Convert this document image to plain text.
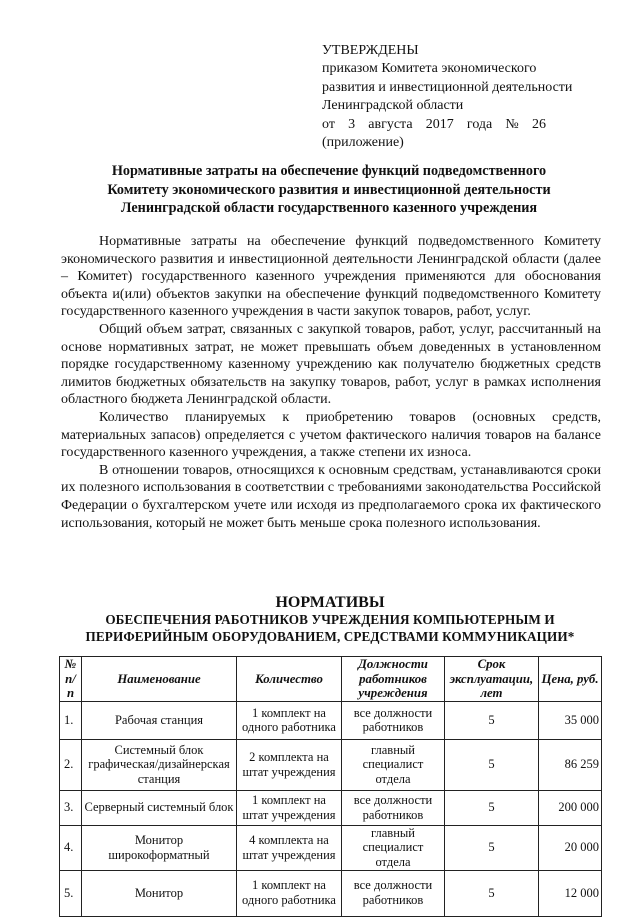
УТВЕРЖДЕНЫ
приказом Комитета экономического
развития и инвестиционной деятельности
Ленинградской области
от 3 августа 2017 года № 26
(приложение)
Нормативные затраты на обеспечение функций подведомственного
Комитету экономического развития и инвестиционной деятельности
Ленинградской области государственного казенного учреждения

Нормативные затраты на обеспечение функций подведомственного Комитету экономического развития и инвестиционной деятельности Ленинградской области (далее – Комитет) государственного казенного учреждения применяются для обоснования объекта и(или) объектов закупки на обеспечение функций подведомственного Комитету государственного казенного учреждения в части закупок товаров, работ, услуг.

Общий объем затрат, связанных с закупкой товаров, работ, услуг, рассчитанный на основе нормативных затрат, не может превышать объем доведенных в установленном порядке государственному казенному учреждению как получателю бюджетных средств лимитов бюджетных обязательств на закупку товаров, работ, услуг в рамках исполнения областного бюджета Ленинградской области.

Количество планируемых к приобретению товаров (основных средств, материальных запасов) определяется с учетом фактического наличия товаров на балансе государственного казенного учреждения, а также степени их износа.

В отношении товаров, относящихся к основным средствам, устанавливаются сроки их полезного использования в соответствии с требованиями законодательства Российской Федерации о бухгалтерском учете или исходя из предполагаемого срока их фактического использования, который не может быть меньше срока полезного использования.

НОРМАТИВЫ
ОБЕСПЕЧЕНИЯ РАБОТНИКОВ УЧРЕЖДЕНИЯ КОМПЬЮТЕРНЫМ И
ПЕРИФЕРИЙНЫМ ОБОРУДОВАНИЕМ, СРЕДСТВАМИ КОММУНИКАЦИИ*
№ п/п	Наименование	Количество	Должности работников учреждения	Срок эксплуатации, лет	Цена, руб.
1.	Рабочая станция	1 комплект на одного работника	все должности работников	5	35 000
2.	Системный блок графическая/дизайнерская станция	2 комплекта на штат учреждения	главный специалист отдела	5	86 259
3.	Серверный системный блок	1 комплект на штат учреждения	все должности работников	5	200 000
4.	Монитор широкоформатный	4 комплекта на штат учреждения	главный специалист отдела	5	20 000
5.	Монитор	1 комплект на одного работника	все должности работников	5	12 000
